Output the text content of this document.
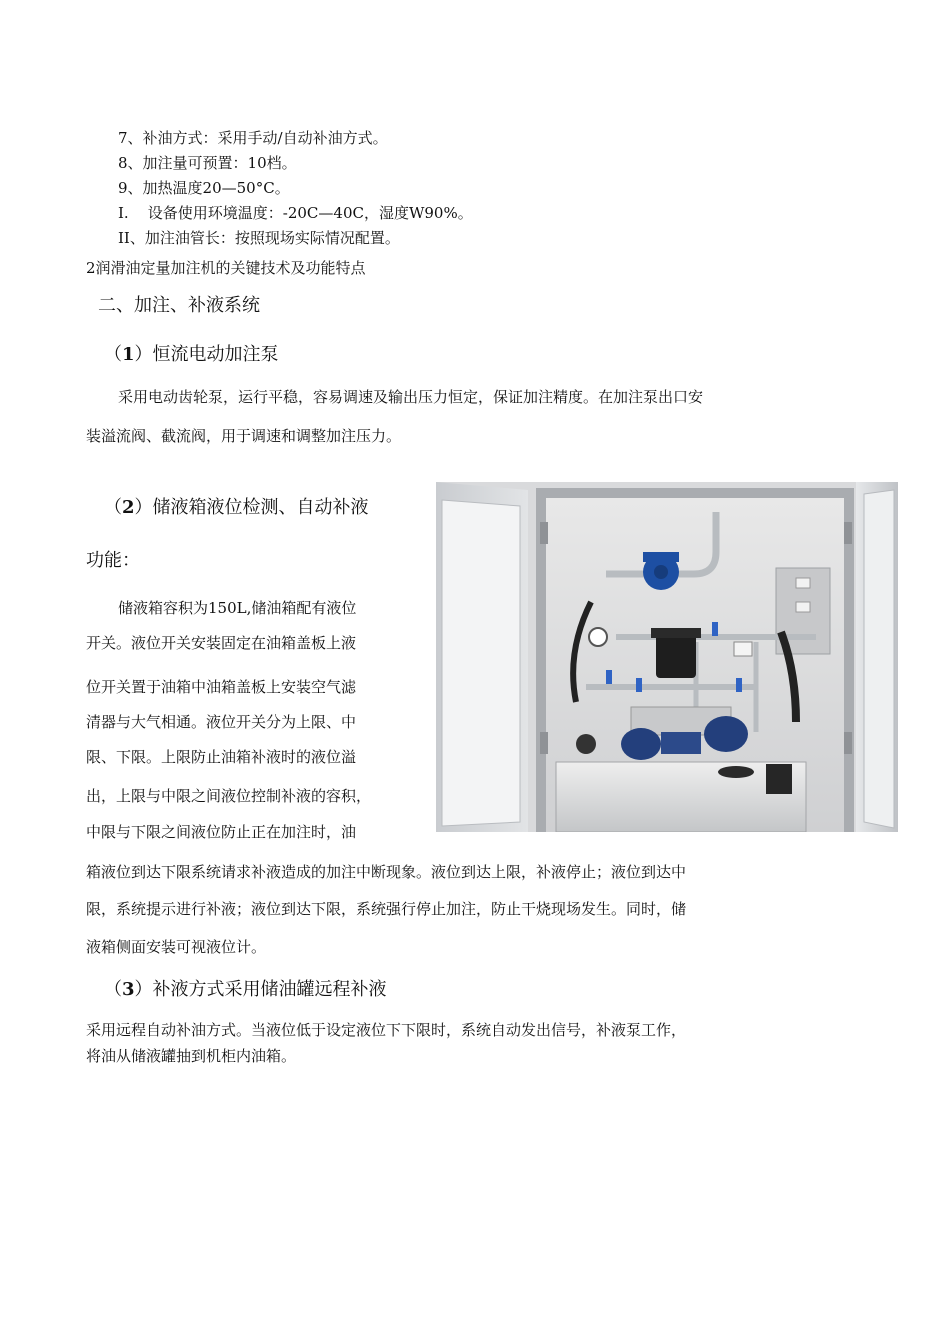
7、补油方式：采用手动/自动补油方式。
8、加注量可预置：10档。
9、加热温度20—50°C。
I.    设备使用环境温度：-20C—40C，湿度W90%。
II、加注油管长：按照现场实际情况配置。
2润滑油定量加注机的关键技术及功能特点
二、加注、补液系统
（1）恒流电动加注泵
采用电动齿轮泵，运行平稳，容易调速及输出压力恒定，保证加注精度。在加注泵出口安
装溢流阀、截流阀，用于调速和调整加注压力。
（2）储液箱液位检测、自动补液
功能：
储液箱容积为150L,储油箱配有液位
开关。液位开关安装固定在油箱盖板上液
位开关置于油箱中油箱盖板上安装空气滤
清器与大气相通。液位开关分为上限、中
限、下限。上限防止油箱补液时的液位溢
出，上限与中限之间液位控制补液的容积，
中限与下限之间液位防止正在加注时，油
箱液位到达下限系统请求补液造成的加注中断现象。液位到达上限，补液停止；液位到达中
限，系统提示进行补液；液位到达下限，系统强行停止加注，防止干烧现场发生。同时，储
液箱侧面安装可视液位计。
（3）补液方式采用储油罐远程补液
采用远程自动补油方式。当液位低于设定液位下下限时，系统自动发出信号，补液泵工作，
将油从储液罐抽到机柜内油箱。
